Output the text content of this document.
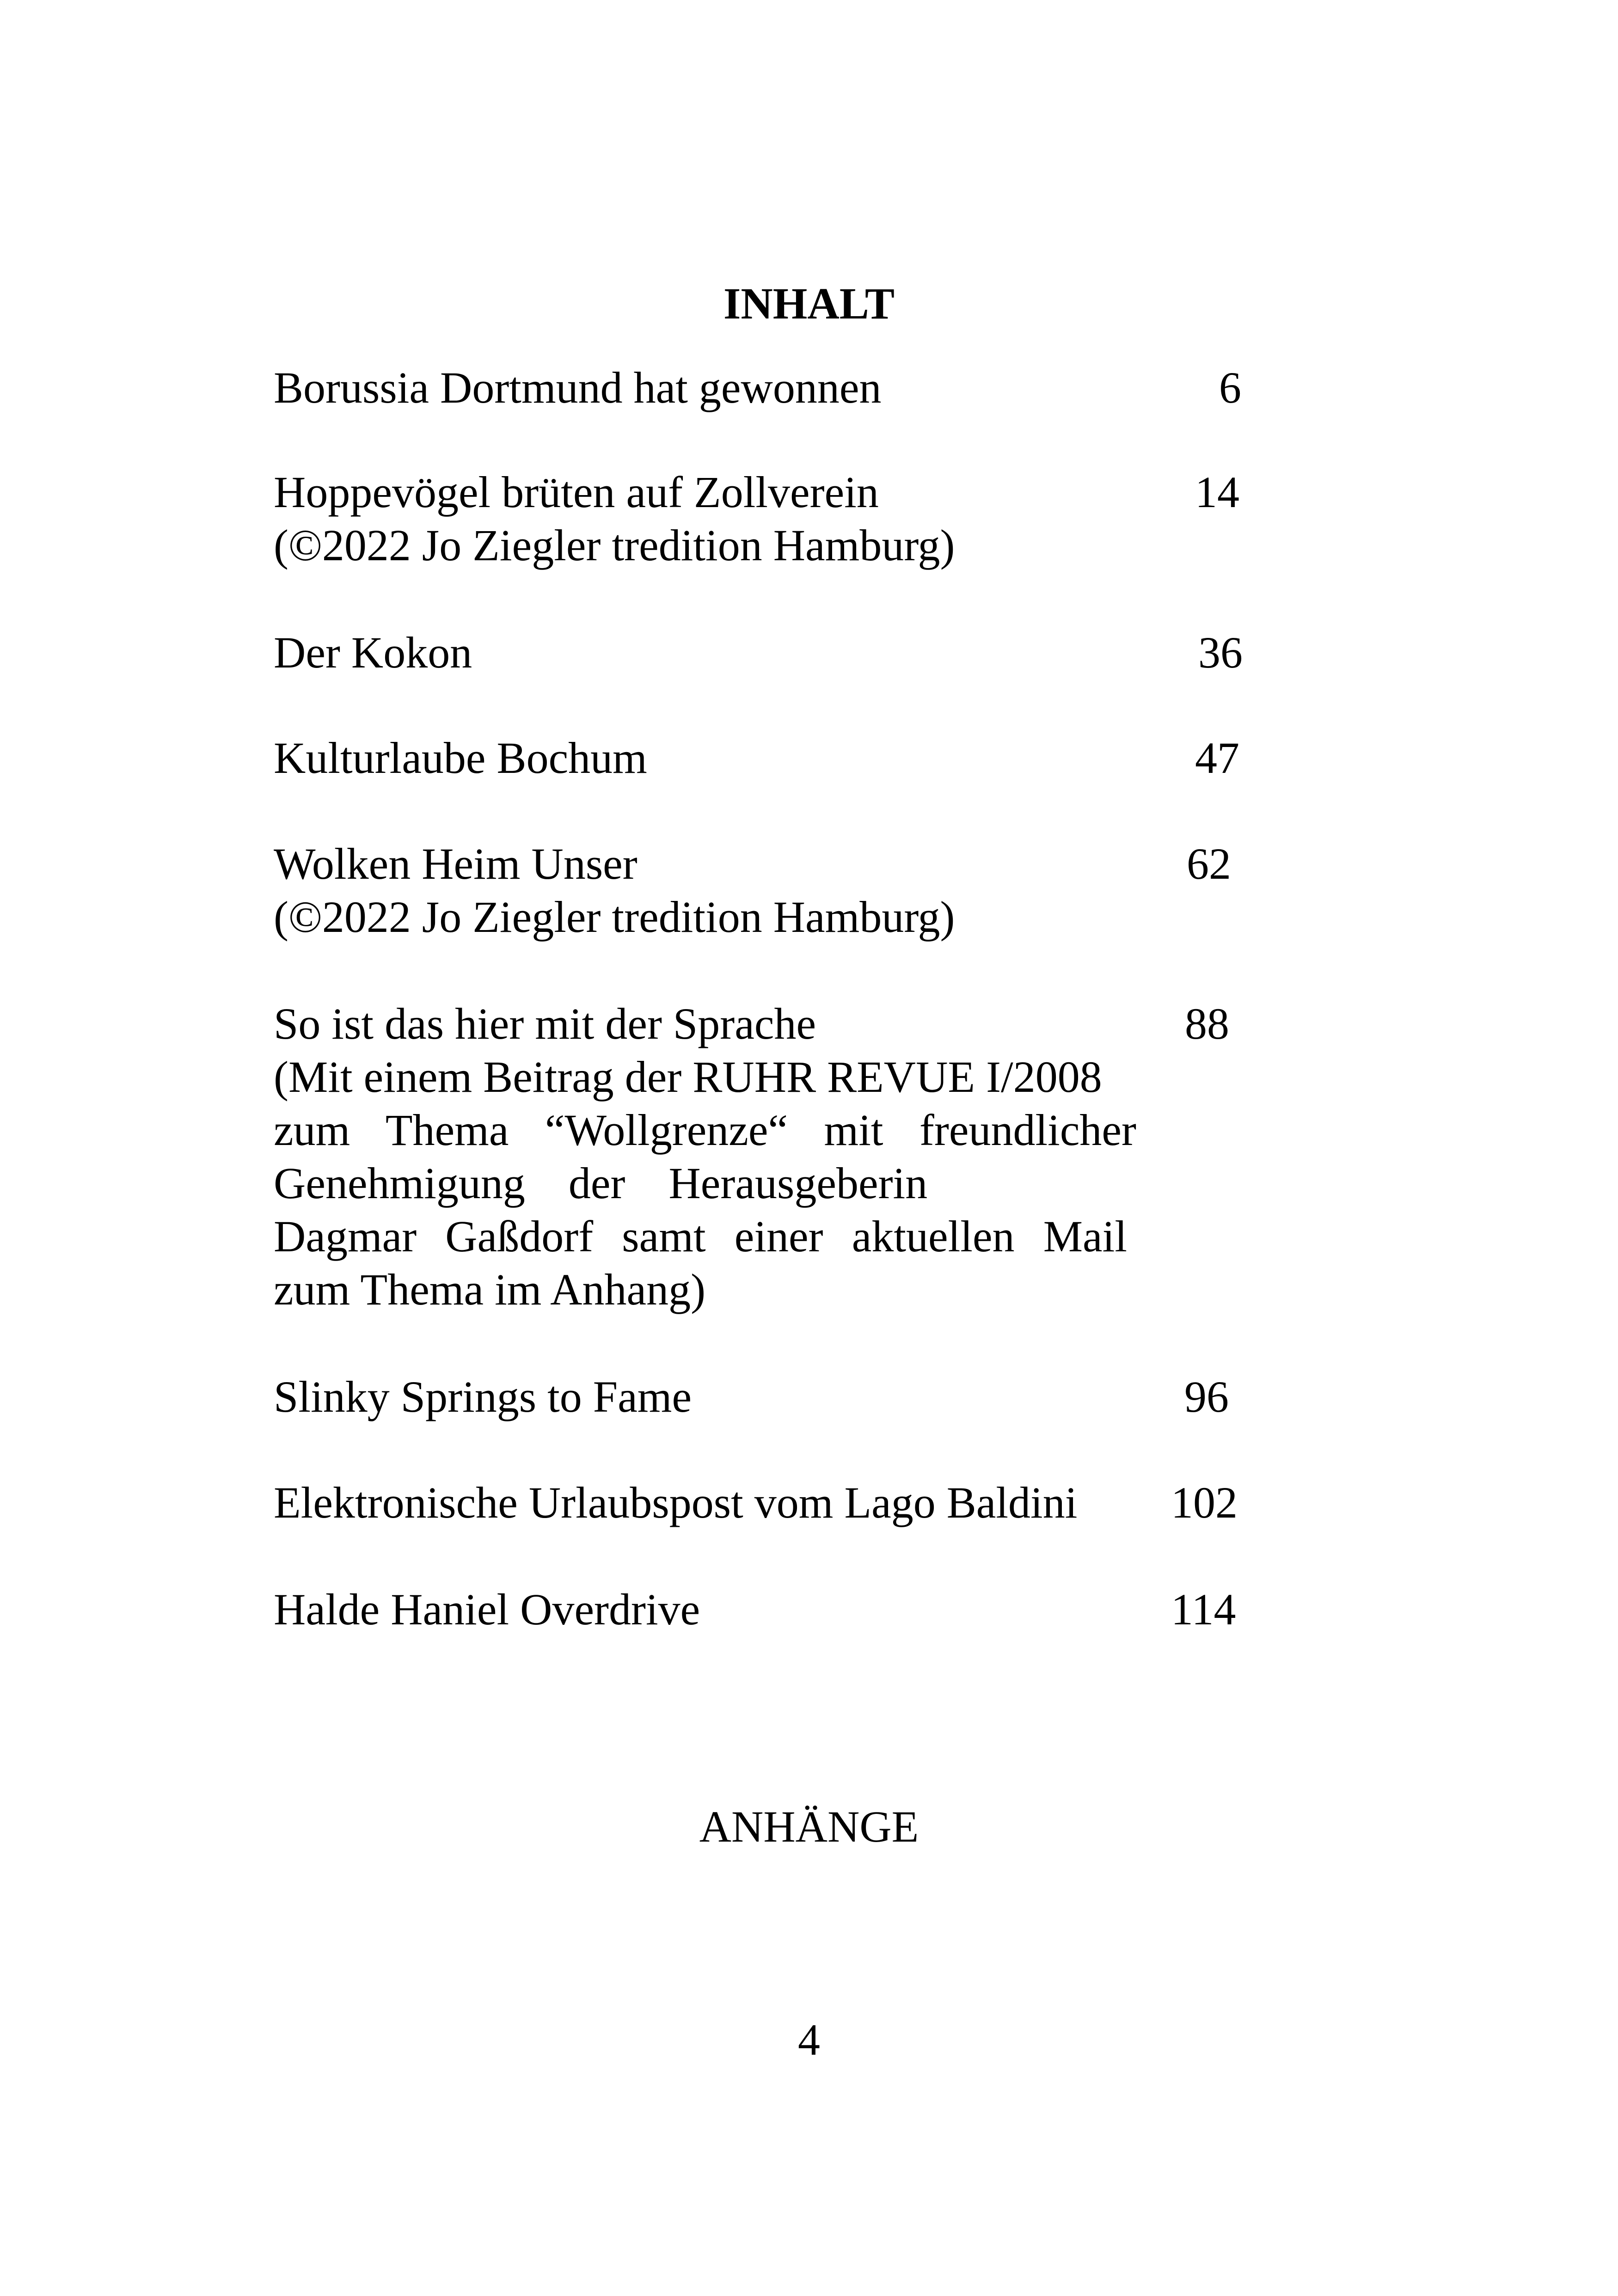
INHALT
Borussia Dortmund hat gewonnen	6
Hoppevögel brüten auf Zollverein	14
(©2022 Jo Ziegler tredition Hamburg)
Der Kokon	36
Kulturlaube Bochum	47
Wolken Heim Unser	62
(©2022 Jo Ziegler tredition Hamburg)
So ist das hier mit der Sprache	88
(Mit einem Beitrag der RUHR REVUE I/2008
zum Thema “Wollgrenze“ mit freundlicher
Genehmigung der Herausgeberin
Dagmar Gaßdorf samt einer aktuellen Mail
zum Thema im Anhang)
Slinky Springs to Fame	96
Elektronische Urlaubspost vom Lago Baldini 102
Halde Haniel Overdrive	114
ANHÄNGE
4
